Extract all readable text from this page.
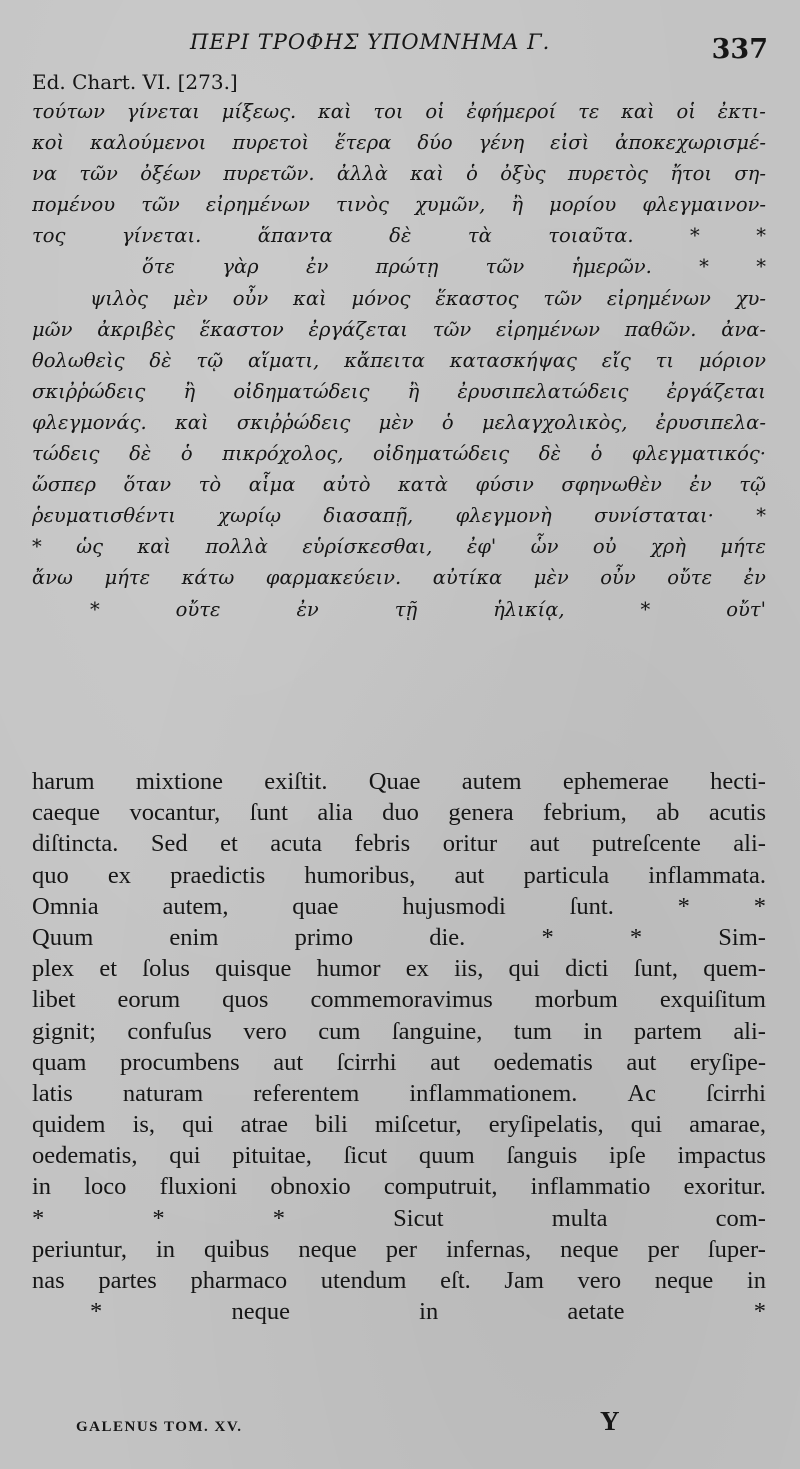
ΠΕΡΙ ΤΡΟΦΗΣ ΥΠΟΜΝΗΜΑ Γ.	337
Ed. Chart. VI. [273.]
τούτων γίνεται μίξεως. καὶ τοι οἱ ἐφήμεροί τε καὶ οἱ ἐκτι-
κοὶ καλούμενοι πυρετοὶ ἕτερα δύο γένη εἰσὶ ἀποκεχωρισμέ-
να τῶν ὀξέων πυρετῶν. ἀλλὰ καὶ ὁ ὀξὺς πυρετὸς ἤτοι ση-
πομένου τῶν εἰρημένων τινὸς χυμῶν, ἢ μορίου φλεγμαινον-
τος	γίνεται.	ἅπαντα	δὲ	τὰ	τοιαῦτα.	*	*
ὅτε γὰρ ἐν πρώτῃ τῶν ἡμερῶν. * *
ψιλὸς μὲν οὖν καὶ μόνος ἕκαστος τῶν εἰρημένων χυ-
μῶν ἀκριβὲς ἕκαστον ἐργάζεται τῶν εἰρημένων παθῶν. ἀνα-
θολωθεὶς δὲ τῷ αἵματι, κἄπειτα κατασκήψας εἴς τι μόριον
σκιῤῥώδεις ἢ οἰδηματώδεις ἢ ἐρυσιπελατώδεις ἐργάζεται
φλεγμονάς. καὶ σκιῤῥώδεις μὲν ὁ μελαγχολικὸς, ἐρυσιπελα-
τώδεις δὲ ὁ πικρόχολος, οἰδηματώδεις δὲ ὁ φλεγματικός·
ὥσπερ ὅταν τὸ αἷμα αὐτὸ κατὰ φύσιν σφηνωθὲν ἐν τῷ
ῥευματισθέντι χωρίῳ διασαπῇ, φλεγμονὴ συνίσταται· *
* ὡς καὶ πολλὰ εὑρίσκεσθαι, ἐφ' ὧν οὐ χρὴ μήτε
ἄνω μήτε κάτω φαρμακεύειν. αὐτίκα μὲν οὖν οὔτε ἐν
*	οὔτε	ἐν	τῇ	ἡλικίᾳ,	*	οὔτ'
harum mixtione exiſtit. Quae autem ephemerae hecti-
caeque vocantur, ſunt alia duo genera febrium, ab acutis
diſtincta. Sed et acuta febris oritur aut putreſcente ali-
quo ex praedictis humoribus, aut particula inflammata.
Omnia	autem,	quae	hujusmodi	ſunt.	*	*
Quum	enim	primo	die.	*	*	Sim-
plex et ſolus quisque humor ex iis, qui dicti ſunt, quem-
libet eorum quos commemoravimus morbum exquiſitum
gignit; confuſus vero cum ſanguine, tum in partem ali-
quam procumbens aut ſcirrhi aut oedematis aut eryſipe-
latis naturam referentem inflammationem. Ac ſcirrhi
quidem is, qui atrae bili miſcetur, eryſipelatis, qui amarae,
oedematis, qui pituitae, ſicut quum ſanguis ipſe impactus
in loco fluxioni obnoxio computruit, inflammatio exoritur.
*	*	*	Sicut	multa	com-
periuntur, in quibus neque per infernas, neque per ſuper-
nas partes pharmaco utendum eſt. Jam vero neque in
*	neque	in	aetate	*
GALENUS TOM. XV.	Y
